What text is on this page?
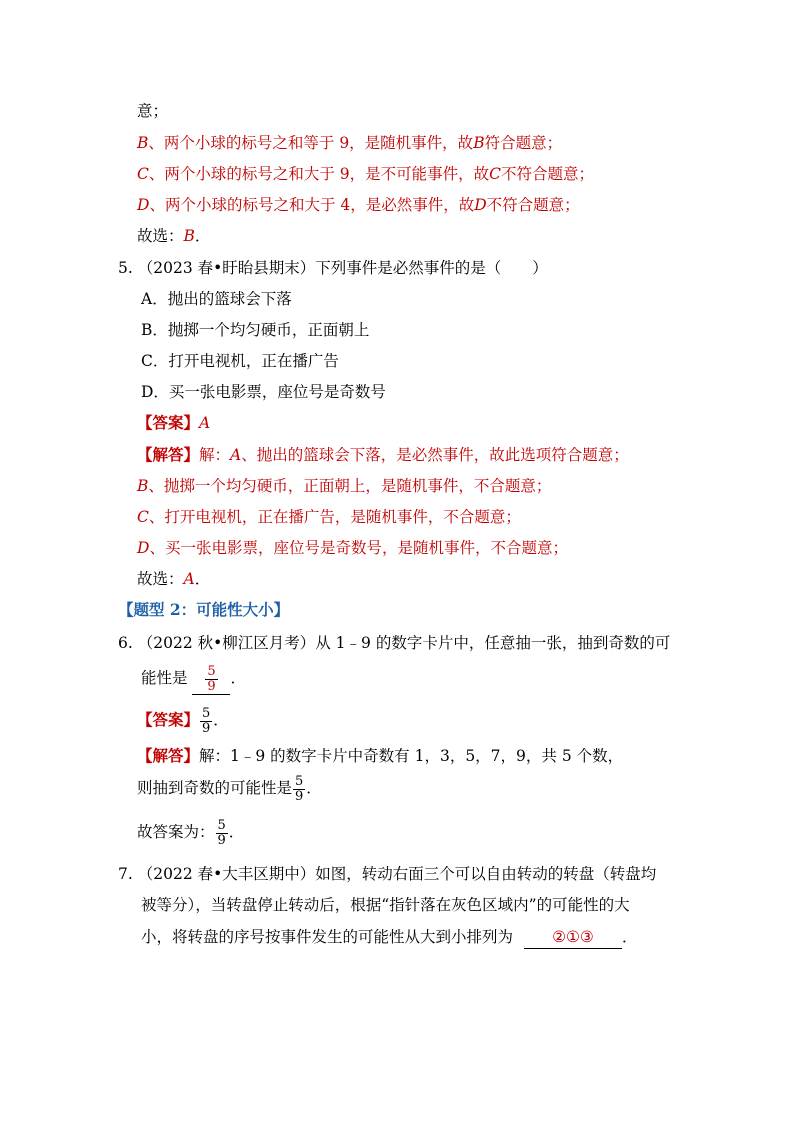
意；
B、两个小球的标号之和等于 9，是随机事件，故B符合题意；
C、两个小球的标号之和大于 9，是不可能事件，故C不符合题意；
D、两个小球的标号之和大于 4，是必然事件，故D不符合题意；
故选：B．
5. （2023 春•盱眙县期末）下列事件是必然事件的是（　　）
A．抛出的篮球会下落
B．抛掷一个均匀硬币，正面朝上
C．打开电视机，正在播广告
D．买一张电影票，座位号是奇数号
【答案】A
【解答】解：A、抛出的篮球会下落，是必然事件，故此选项符合题意；
B、抛掷一个均匀硬币，正面朝上，是随机事件，不合题意；
C、打开电视机，正在播广告，是随机事件，不合题意；
D、买一张电影票，座位号是奇数号，是随机事件，不合题意；
故选：A．
【题型 2：可能性大小】
6. （2022 秋•柳江区月考）从 1﹣9 的数字卡片中，任意抽一张，抽到奇数的可
能性是 $\frac{5}{9}$ ．
【答案】 $\frac{5}{9}$ ．
【解答】解：1﹣9 的数字卡片中奇数有 1，3，5，7，9，共 5 个数，
则抽到奇数的可能性是 $\frac{5}{9}$ ．
故答案为： $\frac{5}{9}$ ．
7. （2022 春•大丰区期中）如图，转动右面三个可以自由转动的转盘（转盘均
被等分），当转盘停止转动后，根据“指针落在灰色区域内”的可能性的大
小，将转盘的序号按事件发生的可能性从大到小排列为	②①③ ．
